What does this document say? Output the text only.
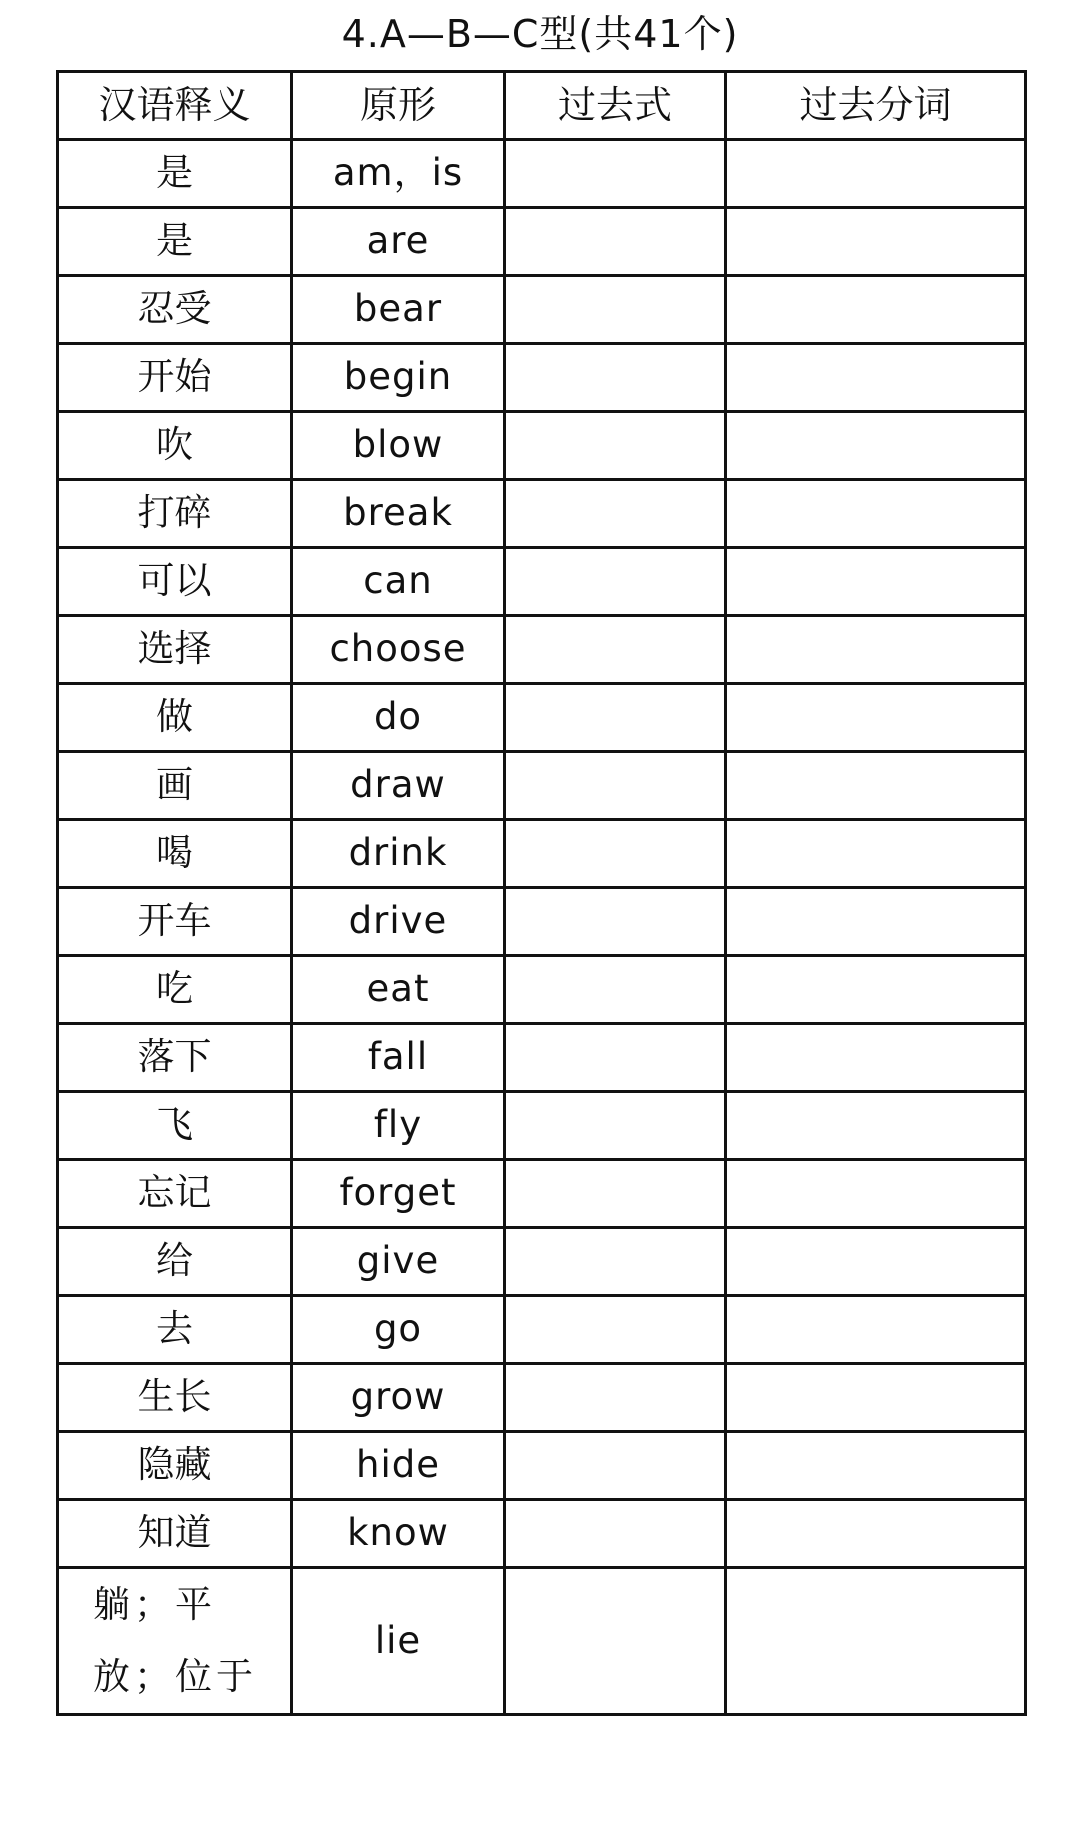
4.A—B—C型(共41个)
汉语释义	原形	过去式	过去分词
是	am，is		
是	are		
忍受	bear		
开始	begin		
吹	blow		
打碎	break		
可以	can		
选择	choose		
做	do		
画	draw		
喝	drink		
开车	drive		
吃	eat		
落下	fall		
飞	fly		
忘记	forget		
给	give		
去	go		
生长	grow		
隐藏	hide		
知道	know		
躺；平放；位于	lie		
